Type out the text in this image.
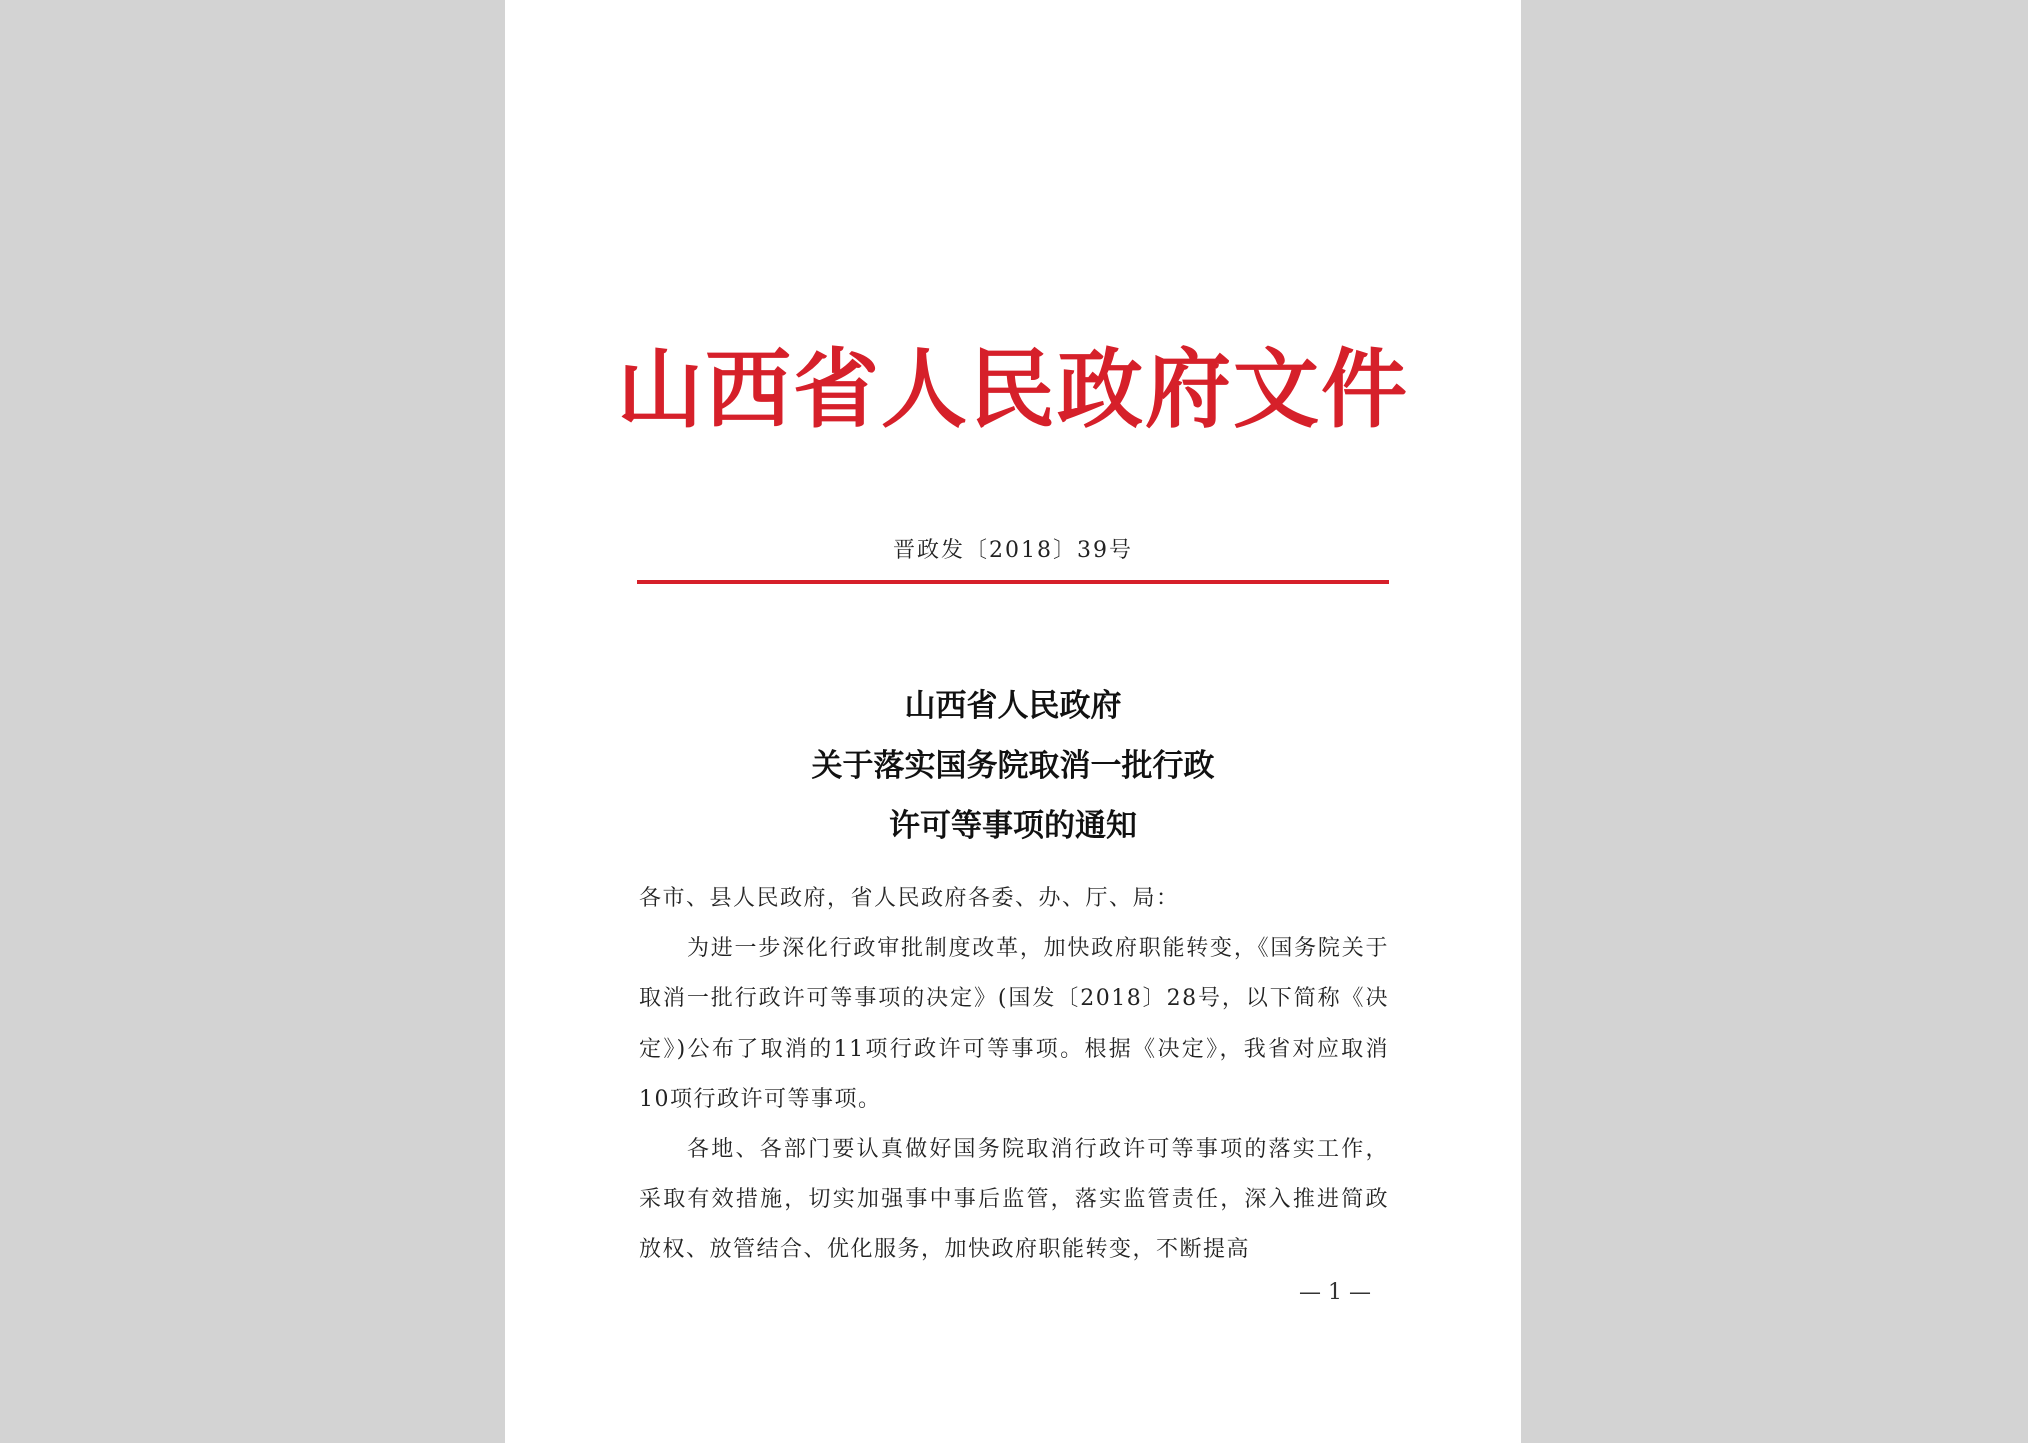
山西省人民政府文件
晋政发〔2018〕39号
山西省人民政府
关于落实国务院取消一批行政
许可等事项的通知

各市、县人民政府，省人民政府各委、办、厅、局：

为进一步深化行政审批制度改革，加快政府职能转变，《国务院关于取消一批行政许可等事项的决定》(国发〔2018〕28号，以下简称《决定》)公布了取消的11项行政许可等事项。根据《决定》，我省对应取消10项行政许可等事项。

各地、各部门要认真做好国务院取消行政许可等事项的落实工作，采取有效措施，切实加强事中事后监管，落实监管责任，深入推进简政放权、放管结合、优化服务，加快政府职能转变，不断提高

— 1 —
